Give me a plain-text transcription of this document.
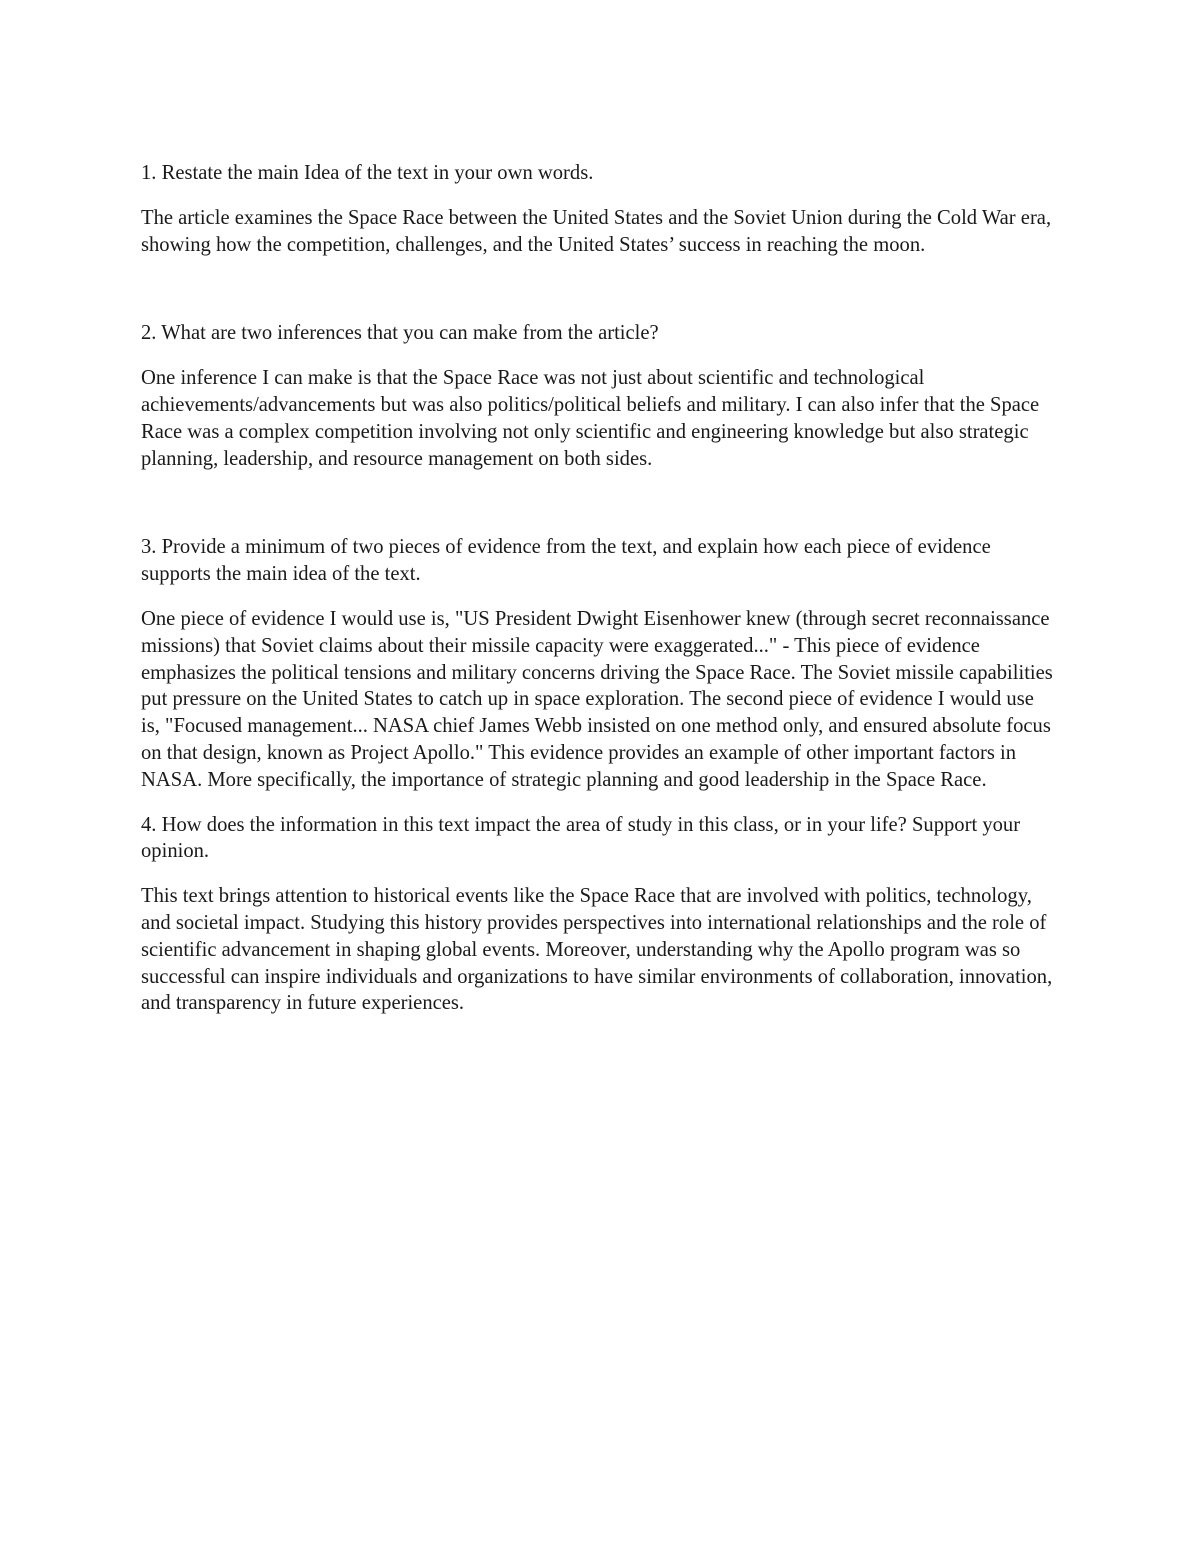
1. Restate the main Idea of the text in your own words.

The article examines the Space Race between the United States and the Soviet Union during the Cold War era, showing how the competition, challenges, and the United States’ success in reaching the moon.

2. What are two inferences that you can make from the article?

One inference I can make is that the Space Race was not just about scientific and technological achievements/advancements but was also politics/political beliefs and military. I can also infer that the Space Race was a complex competition involving not only scientific and engineering knowledge but also strategic planning, leadership, and resource management on both sides.

3. Provide a minimum of two pieces of evidence from the text, and explain how each piece of evidence supports the main idea of the text.

One piece of evidence I would use is, "US President Dwight Eisenhower knew (through secret reconnaissance missions) that Soviet claims about their missile capacity were exaggerated..." - This piece of evidence emphasizes the political tensions and military concerns driving the Space Race. The Soviet missile capabilities put pressure on the United States to catch up in space exploration. The second piece of evidence I would use is, "Focused management... NASA chief James Webb insisted on one method only, and ensured absolute focus on that design, known as Project Apollo." This evidence provides an example of other important factors in NASA. More specifically, the importance of strategic planning and good leadership in the Space Race.

4. How does the information in this text impact the area of study in this class, or in your life? Support your opinion.

This text brings attention to historical events like the Space Race that are involved with politics, technology, and societal impact. Studying this history provides perspectives into international relationships and the role of scientific advancement in shaping global events. Moreover, understanding why the Apollo program was so successful can inspire individuals and organizations to have similar environments of collaboration, innovation, and transparency in future experiences.
